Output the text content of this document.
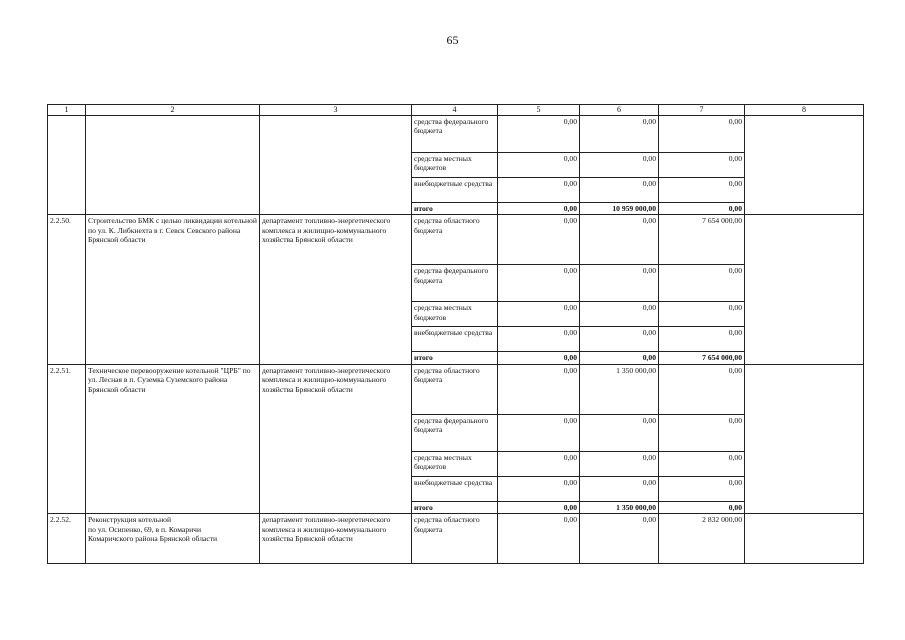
65
1	2	3	4	5	6	7	8
			средства федерального бюджета	0,00	0,00	0,00	
			средства местных бюджетов	0,00	0,00	0,00	
			внебюджетные средства	0,00	0,00	0,00	
			итого	0,00	10 959 000,00	0,00	
2.2.50.	Строительство БМК с целью ликвидации котельной по ул. К. Либкнехта в г. Севск Севского района Брянской области	департамент топливно-энергетического комплекса и жилищно-коммунального хозяйства Брянской области	средства областного бюджета	0,00	0,00	7 654 000,00	
			средства федерального бюджета	0,00	0,00	0,00	
			средства местных бюджетов	0,00	0,00	0,00	
			внебюджетные средства	0,00	0,00	0,00	
			итого	0,00	0,00	7 654 000,00	
2.2.51.	Техническое перевооружение котельной "ЦРБ" по ул. Лесная в п. Суземка Суземского района Брянской области	департамент топливно-энергетического комплекса и жилищно-коммунального хозяйства Брянской области	средства областного бюджета	0,00	1 350 000,00	0,00	
			средства федерального бюджета	0,00	0,00	0,00	
			средства местных бюджетов	0,00	0,00	0,00	
			внебюджетные средства	0,00	0,00	0,00	
			итого	0,00	1 350 000,00	0,00	
2.2.52.	Реконструкция котельной
по ул. Осипенко, 69, в п. Комаричи
Комаричского района Брянской области	департамент топливно-энергетического комплекса и жилищно-коммунального хозяйства Брянской области	средства областного бюджета	0,00	0,00	2 832 000,00	
